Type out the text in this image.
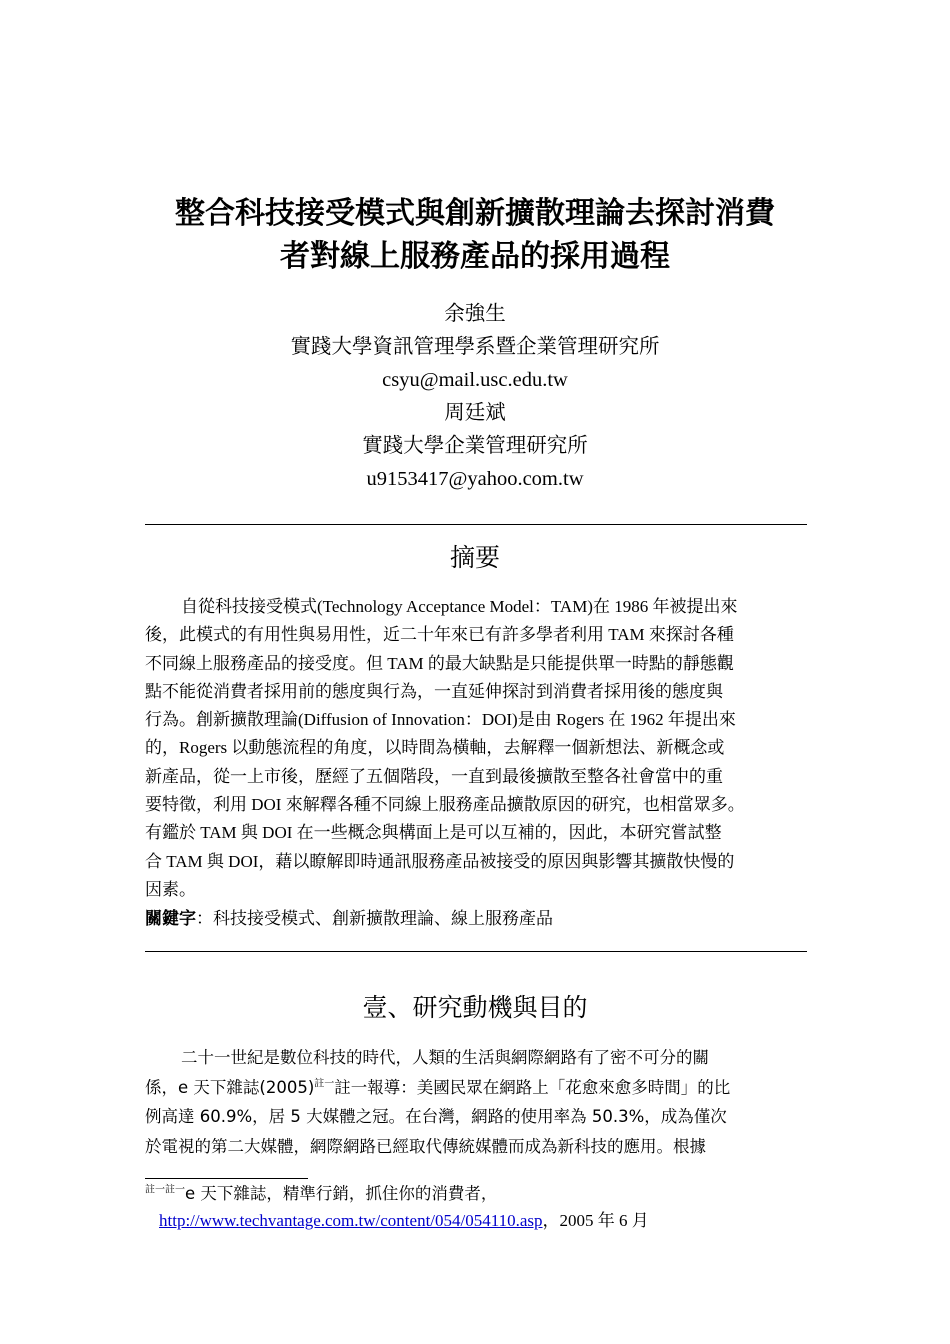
整合科技接受模式與創新擴散理論去探討消費
者對線上服務產品的採用過程
余強生
實踐大學資訊管理學系暨企業管理研究所
csyu@mail.usc.edu.tw
周廷斌
實踐大學企業管理研究所
u9153417@yahoo.com.tw
摘要
自從科技接受模式(Technology Acceptance Model：TAM)在 1986 年被提出來
後，此模式的有用性與易用性，近二十年來已有許多學者利用 TAM 來探討各種
不同線上服務產品的接受度。但 TAM 的最大缺點是只能提供單一時點的靜態觀
點不能從消費者採用前的態度與行為，一直延伸探討到消費者採用後的態度與
行為。創新擴散理論(Diffusion of Innovation：DOI)是由 Rogers 在 1962 年提出來
的，Rogers 以動態流程的角度，以時間為橫軸，去解釋一個新想法、新概念或
新產品，從一上市後，歷經了五個階段，一直到最後擴散至整各社會當中的重
要特徵，利用 DOI 來解釋各種不同線上服務產品擴散原因的研究，也相當眾多。
有鑑於 TAM 與 DOI 在一些概念與構面上是可以互補的，因此，本研究嘗試整
合 TAM 與 DOI，藉以瞭解即時通訊服務產品被接受的原因與影響其擴散快慢的
因素。
關鍵字：科技接受模式、創新擴散理論、線上服務產品
壹、研究動機與目的
二十一世紀是數位科技的時代，人類的生活與網際網路有了密不可分的關
係，e 天下雜誌$(2005)^{註一}$註一報導：美國民眾在網路上「花愈來愈多時間」的比
例高達 60.9%，居 5 大媒體之冠。在台灣，網路的使用率為 50.3%，成為僅次
於電視的第二大媒體，網際網路已經取代傳統媒體而成為新科技的應用。根據
$^{註一註一}$e 天下雜誌，精準行銷，抓住你的消費者，
http://www.techvantage.com.tw/content/054/054110.asp，2005 年 6 月
